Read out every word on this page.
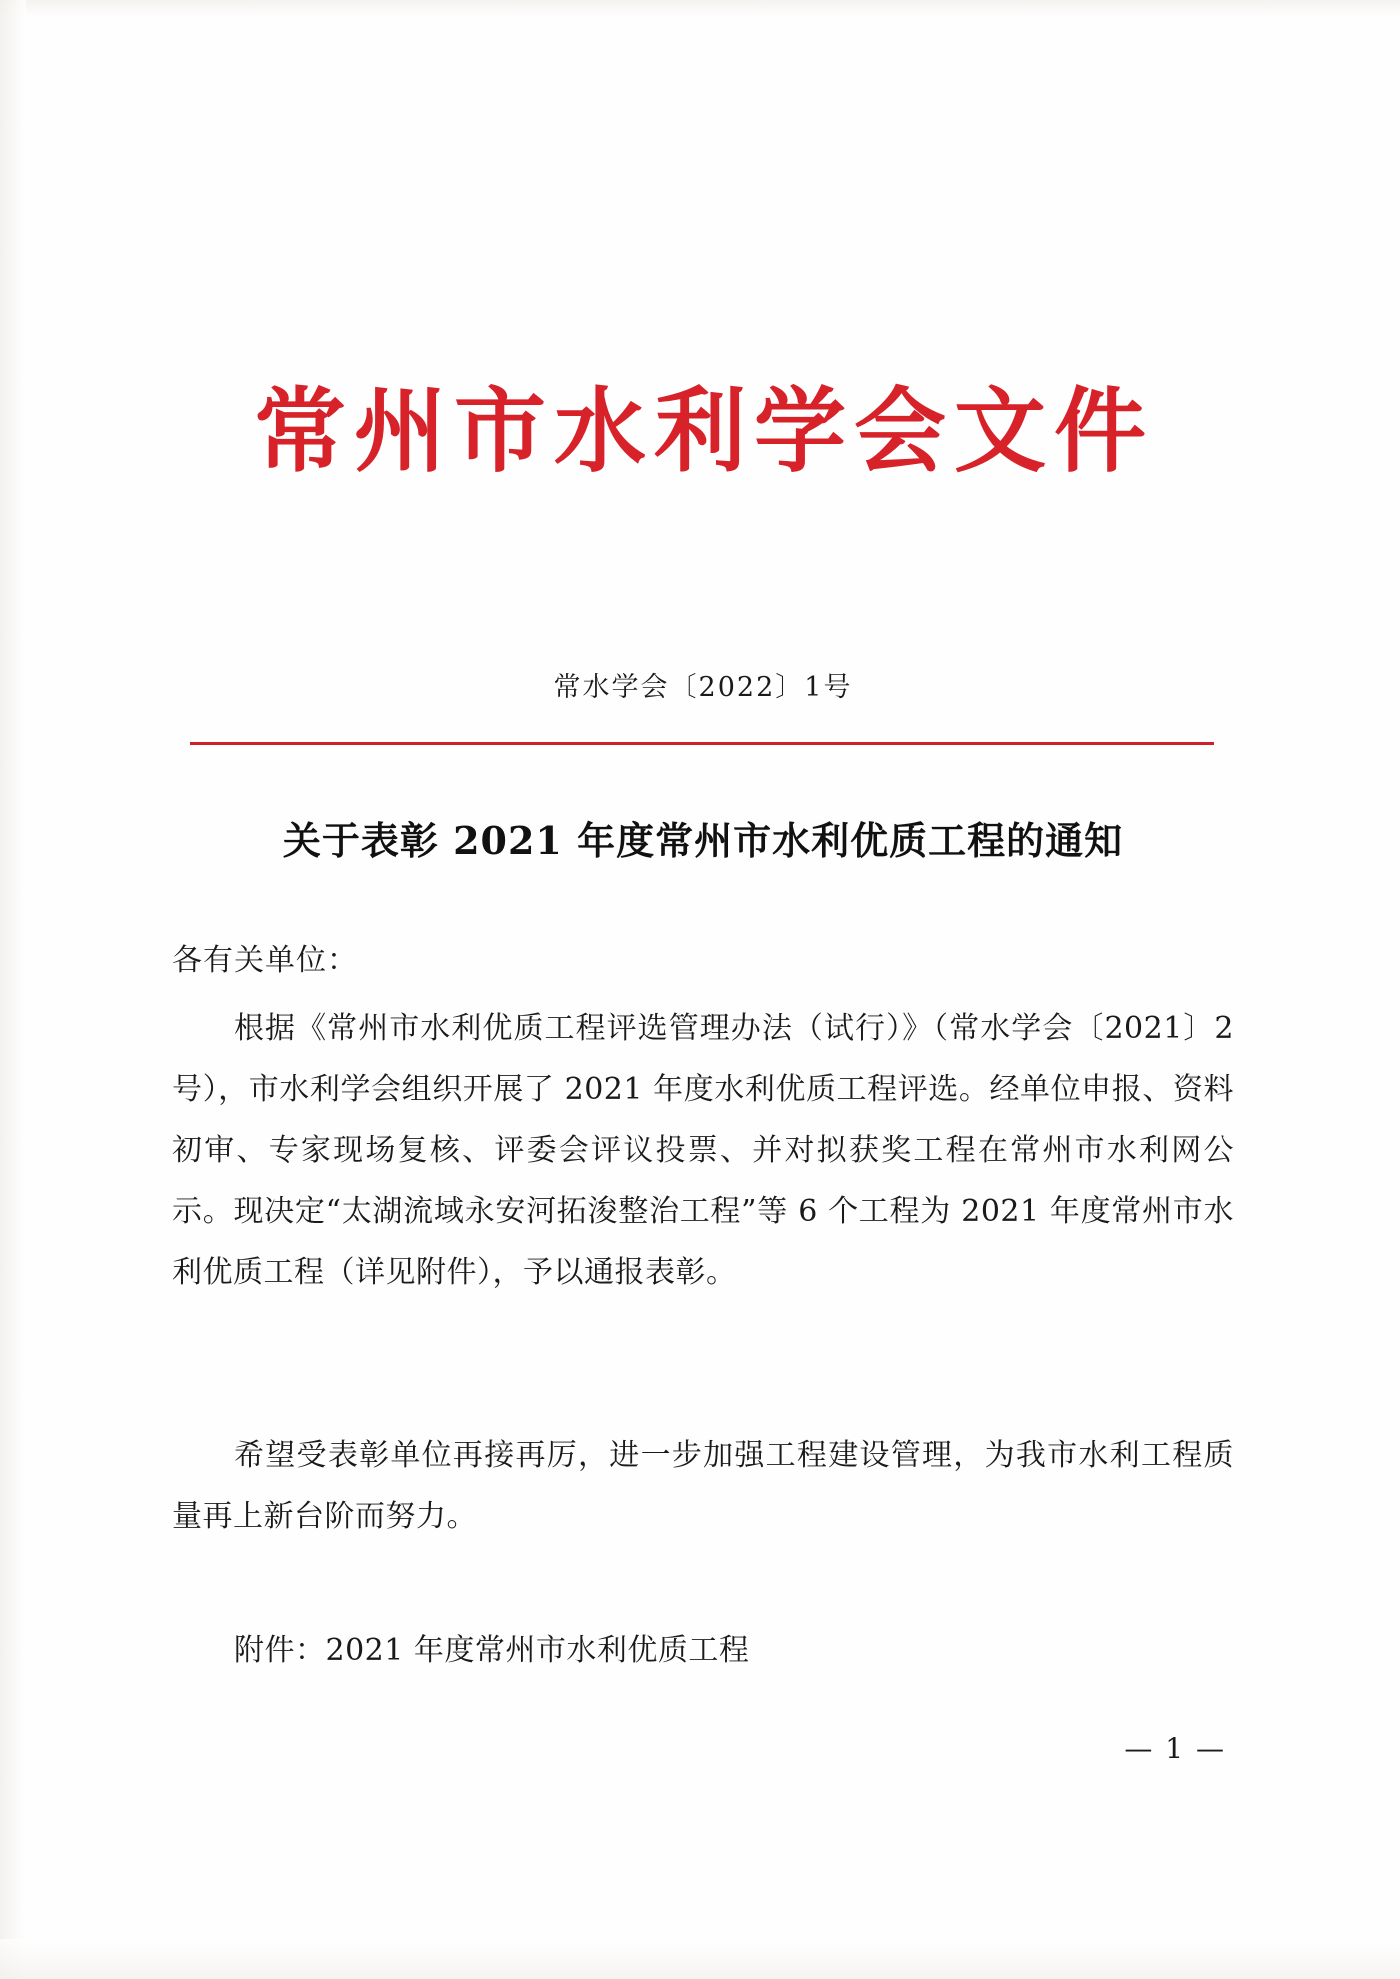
常州市水利学会文件
常水学会〔2022〕1号
关于表彰 2021 年度常州市水利优质工程的通知
各有关单位：

根据《常州市水利优质工程评选管理办法（试行）》（常水学会〔2021〕2 号），市水利学会组织开展了 2021 年度水利优质工程评选。经单位申报、资料初审、专家现场复核、评委会评议投票、并对拟获奖工程在常州市水利网公示。现决定“太湖流域永安河拓浚整治工程”等 6 个工程为 2021 年度常州市水利优质工程（详见附件），予以通报表彰。

希望受表彰单位再接再厉，进一步加强工程建设管理，为我市水利工程质量再上新台阶而努力。

附件：2021 年度常州市水利优质工程
— 1 —
